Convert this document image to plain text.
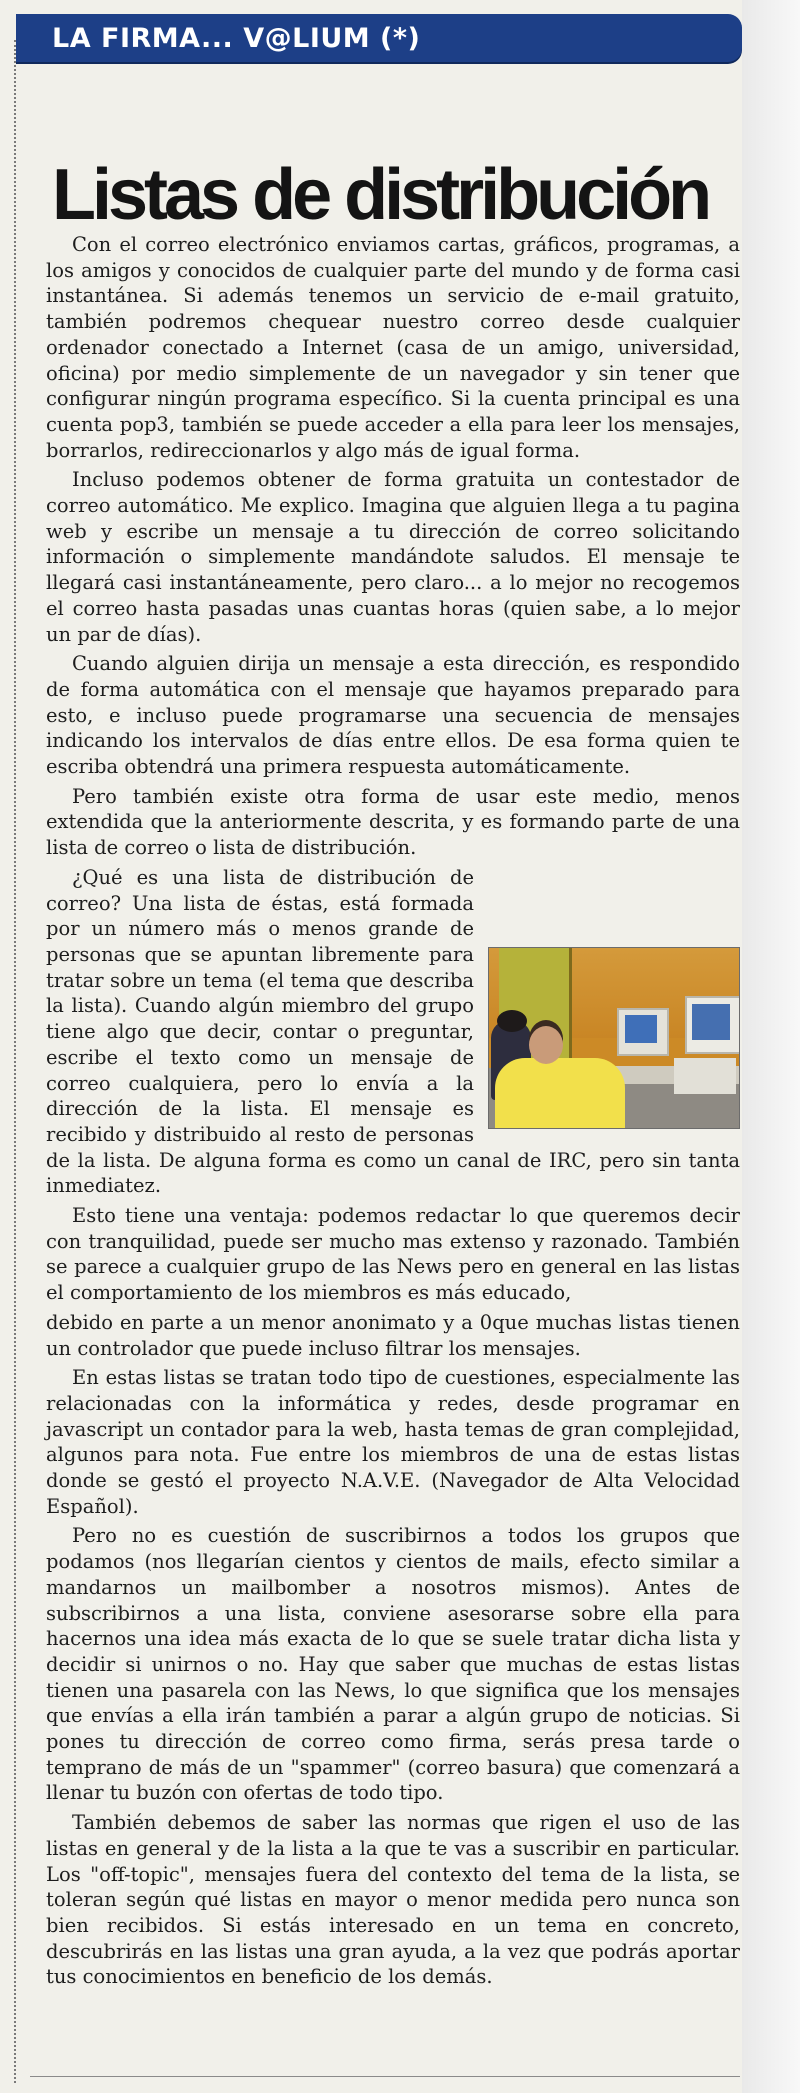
LA FIRMA... V@LIUM (*)
Listas de distribución

Con el correo electrónico enviamos cartas, gráficos, programas, a los amigos y conocidos de cualquier parte del mundo y de forma casi instantánea. Si además tenemos un servicio de e-mail gratuito, también podremos chequear nuestro correo desde cualquier ordenador conectado a Internet (casa de un amigo, universidad, oficina) por medio simplemente de un navegador y sin tener que configurar ningún programa específico. Si la cuenta principal es una cuenta pop3, también se puede acceder a ella para leer los mensajes, borrarlos, redireccionarlos y algo más de igual forma.

Incluso podemos obtener de forma gratuita un contestador de correo automático. Me explico. Imagina que alguien llega a tu pagina web y escribe un mensaje a tu dirección de correo solicitando información o simplemente mandándote saludos. El mensaje te llegará casi instantáneamente, pero claro... a lo mejor no recogemos el correo hasta pasadas unas cuantas horas (quien sabe, a lo mejor un par de días).

Cuando alguien dirija un mensaje a esta dirección, es respondido de forma automática con el mensaje que hayamos preparado para esto, e incluso puede programarse una secuencia de mensajes indicando los intervalos de días entre ellos. De esa forma quien te escriba obtendrá una primera respuesta automáticamente.

Pero también existe otra forma de usar este medio, menos extendida que la anteriormente descrita, y es formando parte de una lista de correo o lista de distribución.

¿Qué es una lista de distribución de correo? Una lista de éstas, está formada por un número más o menos grande de personas que se apuntan libremente para tratar sobre un tema (el tema que describa la lista). Cuando algún miembro del grupo tiene algo que decir, contar o preguntar, escribe el texto como un mensaje de correo cualquiera, pero lo envía a la dirección de la lista. El mensaje es recibido y distribuido al resto de personas de la lista. De alguna forma es como un canal de IRC, pero sin tanta inmediatez.

Esto tiene una ventaja: podemos redactar lo que queremos decir con tranquilidad, puede ser mucho mas extenso y razonado. También se parece a cualquier grupo de las News pero en general en las listas el comportamiento de los miembros es más educado,

debido en parte a un menor anonimato y a 0que muchas listas tienen un controlador que puede incluso filtrar los mensajes.

En estas listas se tratan todo tipo de cuestiones, especialmente las relacionadas con la informática y redes, desde programar en javascript un contador para la web, hasta temas de gran complejidad, algunos para nota. Fue entre los miembros de una de estas listas donde se gestó el proyecto N.A.V.E. (Navegador de Alta Velocidad Español).

Pero no es cuestión de suscribirnos a todos los grupos que podamos (nos llegarían cientos y cientos de mails, efecto similar a mandarnos un mailbomber a nosotros mismos). Antes de subscribirnos a una lista, conviene asesorarse sobre ella para hacernos una idea más exacta de lo que se suele tratar dicha lista y decidir si unirnos o no. Hay que saber que muchas de estas listas tienen una pasarela con las News, lo que significa que los mensajes que envías a ella irán también a parar a algún grupo de noticias. Si pones tu dirección de correo como firma, serás presa tarde o temprano de más de un "spammer" (correo basura) que comenzará a llenar tu buzón con ofertas de todo tipo.

También debemos de saber las normas que rigen el uso de las listas en general y de la lista a la que te vas a suscribir en particular. Los "off-topic", mensajes fuera del contexto del tema de la lista, se toleran según qué listas en mayor o menor medida pero nunca son bien recibidos. Si estás interesado en un tema en concreto, descubrirás en las listas una gran ayuda, a la vez que podrás aportar tus conocimientos en beneficio de los demás.
